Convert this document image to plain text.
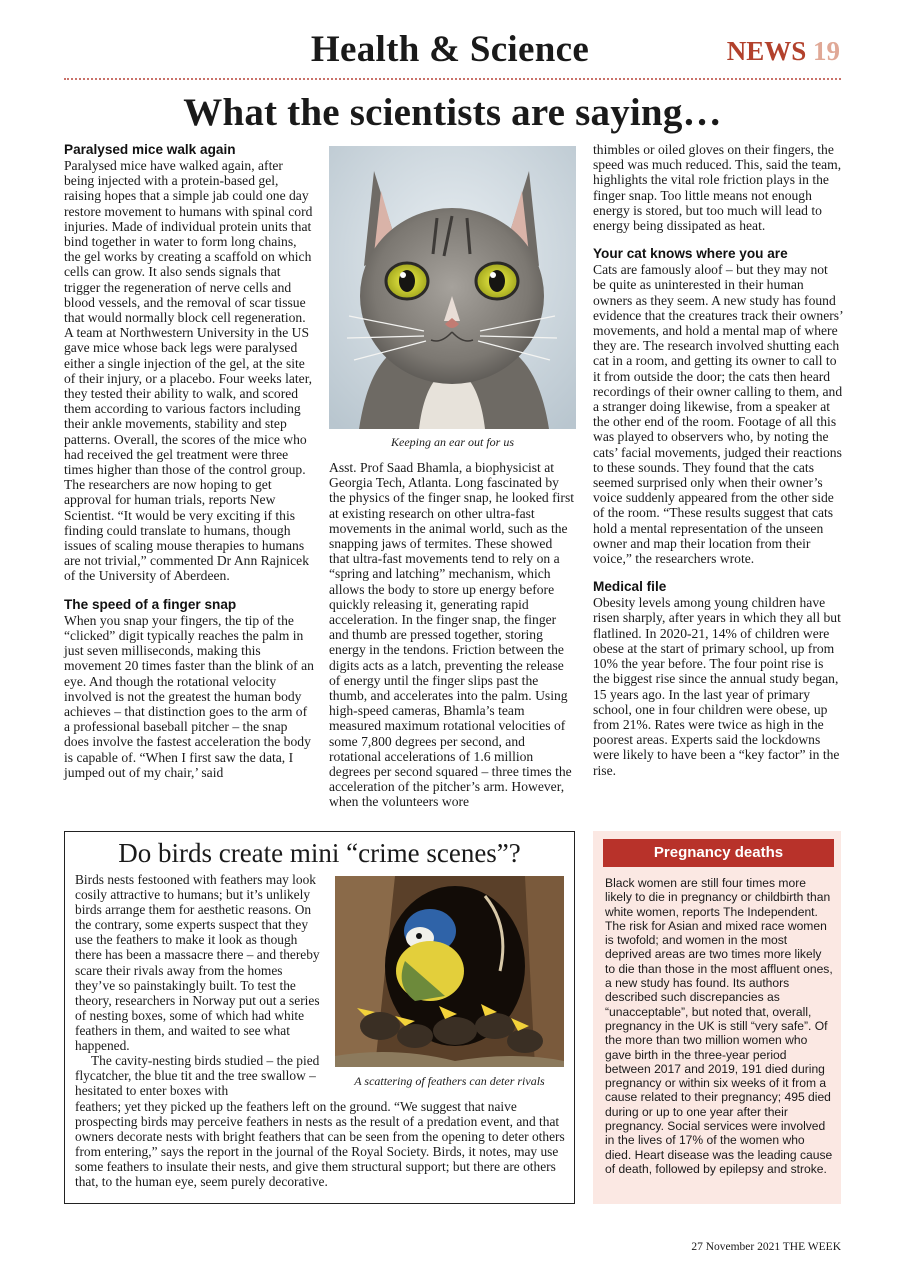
Health & Science	NEWS 19
What the scientists are saying…
Paralysed mice walk again

Paralysed mice have walked again, after being injected with a protein-based gel, raising hopes that a simple jab could one day restore movement to humans with spinal cord injuries. Made of individual protein units that bind together in water to form long chains, the gel works by creating a scaffold on which cells can grow. It also sends signals that trigger the regeneration of nerve cells and blood vessels, and the removal of scar tissue that would normally block cell regeneration. A team at Northwestern University in the US gave mice whose back legs were paralysed either a single injection of the gel, at the site of their injury, or a placebo. Four weeks later, they tested their ability to walk, and scored them according to various factors including their ankle movements, stability and step patterns. Overall, the scores of the mice who had received the gel treatment were three times higher than those of the control group. The researchers are now hoping to get approval for human trials, reports New Scientist. “It would be very exciting if this finding could translate to humans, though issues of scaling mouse therapies to humans are not trivial,” commented Dr Ann Rajnicek of the University of Aberdeen.

The speed of a finger snap

When you snap your fingers, the tip of the “clicked” digit typically reaches the palm in just seven milliseconds, making this movement 20 times faster than the blink of an eye. And though the rotational velocity involved is not the greatest the human body achieves – that distinction goes to the arm of a professional baseball pitcher – the snap does involve the fastest acceleration the body is capable of. “When I first saw the data, I jumped out of my chair,’ said

Keeping an ear out for us

Asst. Prof Saad Bhamla, a biophysicist at Georgia Tech, Atlanta. Long fascinated by the physics of the finger snap, he looked first at existing research on other ultra-fast movements in the animal world, such as the snapping jaws of termites. These showed that ultra-fast movements tend to rely on a “spring and latching” mechanism, which allows the body to store up energy before quickly releasing it, generating rapid acceleration. In the finger snap, the finger and thumb are pressed together, storing energy in the tendons. Friction between the digits acts as a latch, preventing the release of energy until the finger slips past the thumb, and accelerates into the palm. Using high-speed cameras, Bhamla’s team measured maximum rotational velocities of some 7,800 degrees per second, and rotational accelerations of 1.6 million degrees per second squared – three times the acceleration of the pitcher’s arm. However, when the volunteers wore

thimbles or oiled gloves on their fingers, the speed was much reduced. This, said the team, highlights the vital role friction plays in the finger snap. Too little means not enough energy is stored, but too much will lead to energy being dissipated as heat.

Your cat knows where you are

Cats are famously aloof – but they may not be quite as uninterested in their human owners as they seem. A new study has found evidence that the creatures track their owners’ movements, and hold a mental map of where they are. The research involved shutting each cat in a room, and getting its owner to call to it from outside the door; the cats then heard recordings of their owner calling to them, and a stranger doing likewise, from a speaker at the other end of the room. Footage of all this was played to observers who, by noting the cats’ facial movements, judged their reactions to these sounds. They found that the cats seemed surprised only when their owner’s voice suddenly appeared from the other side of the room. “These results suggest that cats hold a mental representation of the unseen owner and map their location from their voice,” the researchers wrote.

Medical file

Obesity levels among young children have risen sharply, after years in which they all but flatlined. In 2020-21, 14% of children were obese at the start of primary school, up from 10% the year before. The four point rise is the biggest rise since the annual study began, 15 years ago. In the last year of primary school, one in four children were obese, up from 21%. Rates were twice as high in the poorest areas. Experts said the lockdowns were likely to have been a “key factor” in the rise.

Do birds create mini “crime scenes”?

Birds nests festooned with feathers may look cosily attractive to humans; but it’s unlikely birds arrange them for aesthetic reasons. On the contrary, some experts suspect that they use the feathers to make it look as though there has been a massacre there – and thereby scare their rivals away from the homes they’ve so painstakingly built. To test the theory, researchers in Norway put out a series of nesting boxes, some of which had white feathers in them, and waited to see what happened.

The cavity-nesting birds studied – the pied flycatcher, the blue tit and the tree swallow – hesitated to enter boxes with

feathers; yet they picked up the feathers left on the ground. “We suggest that naive prospecting birds may perceive feathers in nests as the result of a predation event, and that owners decorate nests with bright feathers that can be seen from the opening to deter others from entering,” says the report in the journal of the Royal Society. Birds, it notes, may use some feathers to insulate their nests, and give them structural support; but there are others that, to the human eye, seem purely decorative.
A scattering of feathers can deter rivals
Pregnancy deaths
Black women are still four times more likely to die in pregnancy or childbirth than white women, reports The Independent. The risk for Asian and mixed race women is twofold; and women in the most deprived areas are two times more likely to die than those in the most affluent ones, a new study has found. Its authors described such discrepancies as “unacceptable”, but noted that, overall, pregnancy in the UK is still “very safe”. Of the more than two million women who gave birth in the three-year period between 2017 and 2019, 191 died during pregnancy or within six weeks of it from a cause related to their pregnancy; 495 died during or up to one year after their pregnancy. Social services were involved in the lives of 17% of the women who died. Heart disease was the leading cause of death, followed by epilepsy and stroke.
27 November 2021 THE WEEK
